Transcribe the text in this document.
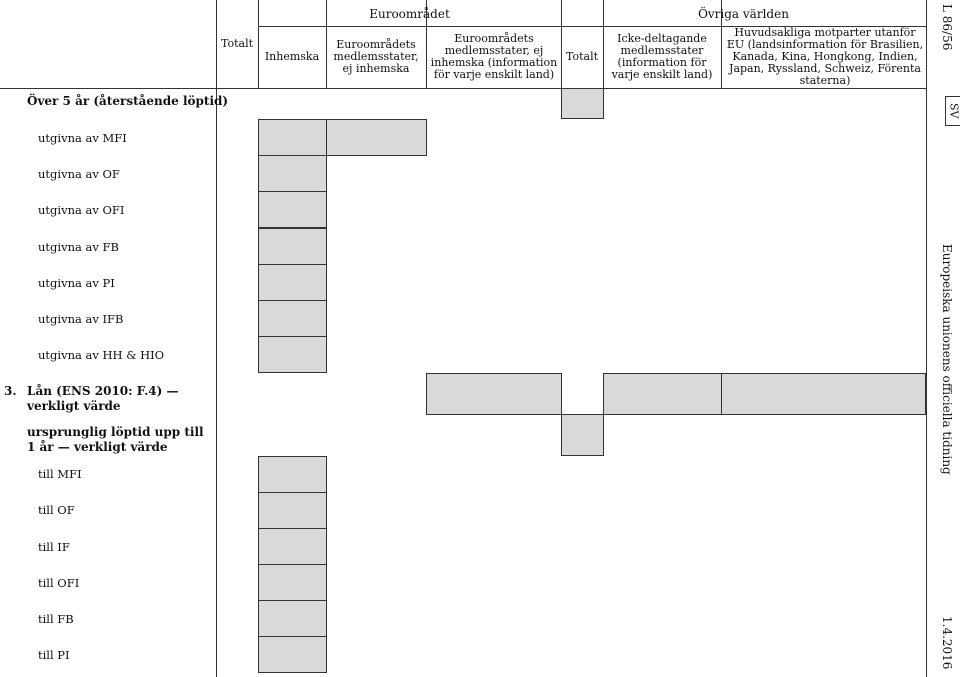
Euroområdet	Övriga världen
Totalt
Inhemska
Euroområdets medlemsstater, ej inhemska
Euroområdets medlemsstater, ej inhemska (information för varje enskilt land)
Totalt
Icke-deltagande medlemsstater (information för varje enskilt land)
Huvudsakliga motparter utanför EU (landsinformation för Brasilien, Kanada, Kina, Hongkong, Indien, Japan, Ryssland, Schweiz, Förenta staterna)
Över 5 år (återstående löptid)
utgivna av MFI
utgivna av OF
utgivna av OFI
utgivna av FB
utgivna av PI
utgivna av IFB
utgivna av HH & HIO
3. Lån (ENS 2010: F.4) — verkligt värde
ursprunglig löptid upp till 1 år — verkligt värde
till MFI
till OF
till IF
till OFI
till FB
till PI
L 86/56
Europeiska unionens officiella tidning
1.4.2016
SV
